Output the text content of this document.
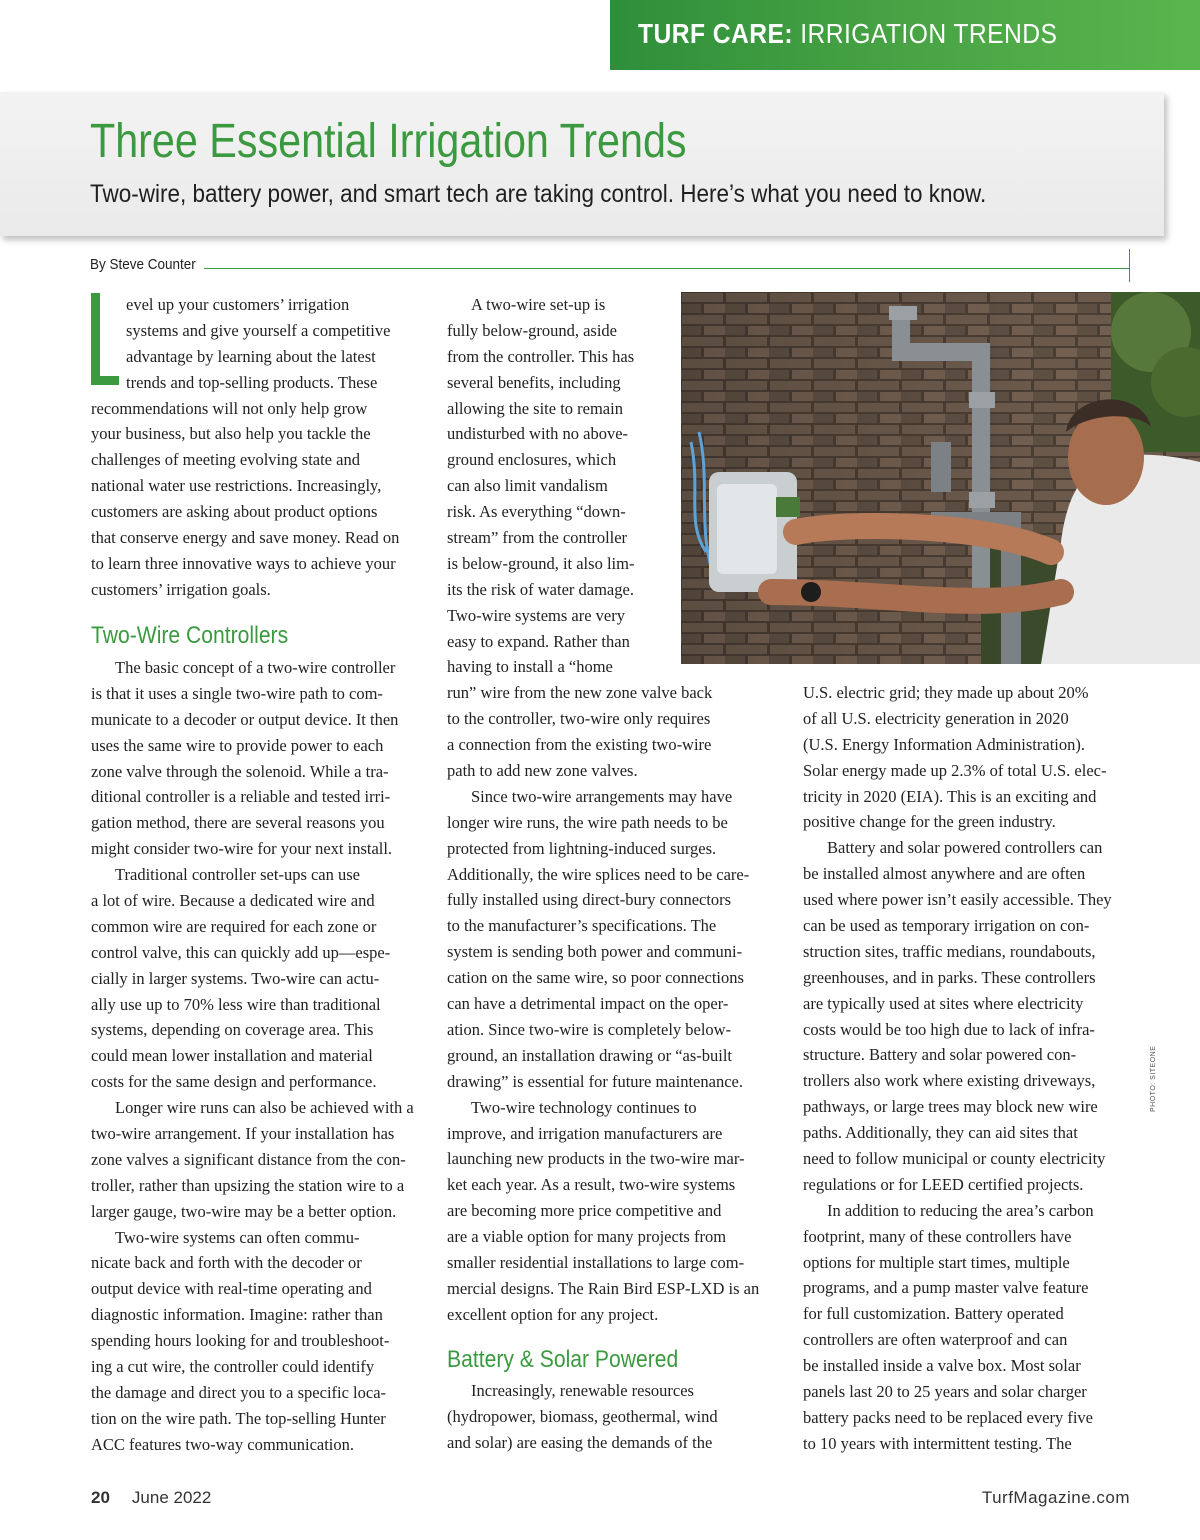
TURF CARE: IRRIGATION TRENDS
Three Essential Irrigation Trends
Two-wire, battery power, and smart tech are taking control. Here’s what you need to know.
By Steve Counter
evel up your customers’ irrigation
systems and give yourself a competitive
advantage by learning about the latest
trends and top-selling products. These
recommendations will not only help grow
your business, but also help you tackle the
challenges of meeting evolving state and
national water use restrictions. Increasingly,
customers are asking about product options
that conserve energy and save money. Read on
to learn three innovative ways to achieve your
customers’ irrigation goals.
Two-Wire Controllers
The basic concept of a two-wire controller
is that it uses a single two-wire path to com-
municate to a decoder or output device. It then
uses the same wire to provide power to each
zone valve through the solenoid. While a tra-
ditional controller is a reliable and tested irri-
gation method, there are several reasons you
might consider two-wire for your next install.
Traditional controller set-ups can use
a lot of wire. Because a dedicated wire and
common wire are required for each zone or
control valve, this can quickly add up—espe-
cially in larger systems. Two-wire can actu-
ally use up to 70% less wire than traditional
systems, depending on coverage area. This
could mean lower installation and material
costs for the same design and performance.
Longer wire runs can also be achieved with a
two-wire arrangement. If your installation has
zone valves a significant distance from the con-
troller, rather than upsizing the station wire to a
larger gauge, two-wire may be a better option.
Two-wire systems can often commu-
nicate back and forth with the decoder or
output device with real-time operating and
diagnostic information. Imagine: rather than
spending hours looking for and troubleshoot-
ing a cut wire, the controller could identify
the damage and direct you to a specific loca-
tion on the wire path. The top-selling Hunter
ACC features two-way communication.
A two-wire set-up is
fully below-ground, aside
from the controller. This has
several benefits, including
allowing the site to remain
undisturbed with no above-
ground enclosures, which
can also limit vandalism
risk. As everything “down-
stream” from the controller
is below-ground, it also lim-
its the risk of water damage.
Two-wire systems are very
easy to expand. Rather than
having to install a “home
run” wire from the new zone valve back
to the controller, two-wire only requires
a connection from the existing two-wire
path to add new zone valves.
Since two-wire arrangements may have
longer wire runs, the wire path needs to be
protected from lightning-induced surges.
Additionally, the wire splices need to be care-
fully installed using direct-bury connectors
to the manufacturer’s specifications. The
system is sending both power and communi-
cation on the same wire, so poor connections
can have a detrimental impact on the oper-
ation. Since two-wire is completely below-
ground, an installation drawing or “as-built
drawing” is essential for future maintenance.
Two-wire technology continues to
improve, and irrigation manufacturers are
launching new products in the two-wire mar-
ket each year. As a result, two-wire systems
are becoming more price competitive and
are a viable option for many projects from
smaller residential installations to large com-
mercial designs. The Rain Bird ESP-LXD is an
excellent option for any project.
Battery & Solar Powered
Increasingly, renewable resources
(hydropower, biomass, geothermal, wind
and solar) are easing the demands of the
U.S. electric grid; they made up about 20%
of all U.S. electricity generation in 2020
(U.S. Energy Information Administration).
Solar energy made up 2.3% of total U.S. elec-
tricity in 2020 (EIA). This is an exciting and
positive change for the green industry.
Battery and solar powered controllers can
be installed almost anywhere and are often
used where power isn’t easily accessible. They
can be used as temporary irrigation on con-
struction sites, traffic medians, roundabouts,
greenhouses, and in parks. These controllers
are typically used at sites where electricity
costs would be too high due to lack of infra-
structure. Battery and solar powered con-
trollers also work where existing driveways,
pathways, or large trees may block new wire
paths. Additionally, they can aid sites that
need to follow municipal or county electricity
regulations or for LEED certified projects.
In addition to reducing the area’s carbon
footprint, many of these controllers have
options for multiple start times, multiple
programs, and a pump master valve feature
for full customization. Battery operated
controllers are often waterproof and can
be installed inside a valve box. Most solar
panels last 20 to 25 years and solar charger
battery packs need to be replaced every five
to 10 years with intermittent testing. The
PHOTO: SITEONE
20 June 2022	TurfMagazine.com
